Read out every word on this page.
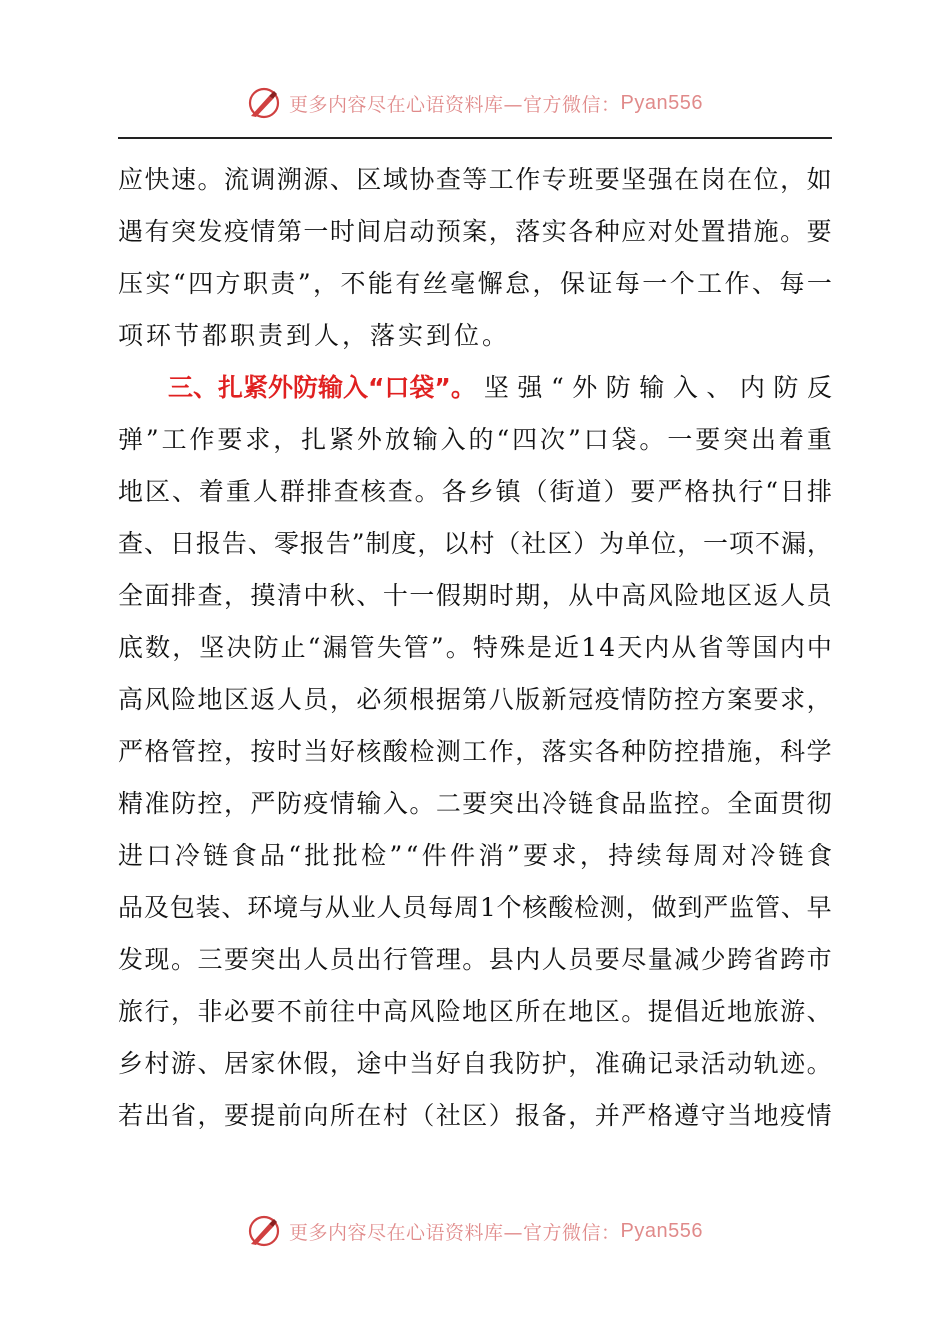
更多内容尽在心语资料库—官方微信： Pyan556
应 快 速 。 流 调 溯 源 、 区 域 协 查 等 工 作 专 班 要 坚 强 在 岗 在 位 ， 如
遇 有 突 发 疫 情 第 一 时 间 启 动 预 案 ， 落 实 各 种 应 对 处 置 措 施 。 要
压 实 “ 四 方 职 责 ” ， 不 能 有 丝 毫 懈 怠 ， 保 证 每 一 个 工 作 、 每 一
项环节都职责到人，落实到位。
三、扎紧外防输入“口袋”。 坚 强 “ 外 防 输 入 、 内 防 反
弹 ” 工 作 要 求 ， 扎 紧 外 放 输 入 的 “ 四 次 ” 口 袋 。 一 要 突 出 着 重
地 区 、 着 重 人 群 排 查 核 查 。 各 乡 镇 （ 街 道 ） 要 严 格 执 行 “ 日 排
查 、 日 报 告 、 零 报 告 ” 制 度 ， 以 村 （ 社 区 ） 为 单 位 ， 一 项 不 漏 ，
全 面 排 查 ， 摸 清 中 秋 、 十 一 假 期 时 期 ， 从 中 高 风 险 地 区 返 人 员
底 数 ， 坚 决 防 止 “ 漏 管 失 管 ” 。 特 殊 是 近 1 4 天 内 从 省 等 国 内 中
高 风 险 地 区 返 人 员 ， 必 须 根 据 第 八 版 新 冠 疫 情 防 控 方 案 要 求 ，
严 格 管 控 ， 按 时 当 好 核 酸 检 测 工 作 ， 落 实 各 种 防 控 措 施 ， 科 学
精 准 防 控 ， 严 防 疫 情 输 入 。 二 要 突 出 冷 链 食 品 监 控 。 全 面 贯 彻
进 口 冷 链 食 品 “ 批 批 检 ” “ 件 件 消 ” 要 求 ， 持 续 每 周 对 冷 链 食
品 及 包 装 、 环 境 与 从 业 人 员 每 周 1 个 核 酸 检 测 ， 做 到 严 监 管 、 早
发 现 。 三 要 突 出 人 员 出 行 管 理 。 县 内 人 员 要 尽 量 减 少 跨 省 跨 市
旅 行 ， 非 必 要 不 前 往 中 高 风 险 地 区 所 在 地 区 。 提 倡 近 地 旅 游 、
乡 村 游 、 居 家 休 假 ， 途 中 当 好 自 我 防 护 ， 准 确 记 录 活 动 轨 迹 。
若 出 省 ， 要 提 前 向 所 在 村 （ 社 区 ） 报 备 ， 并 严 格 遵 守 当 地 疫 情
更多内容尽在心语资料库—官方微信： Pyan556
